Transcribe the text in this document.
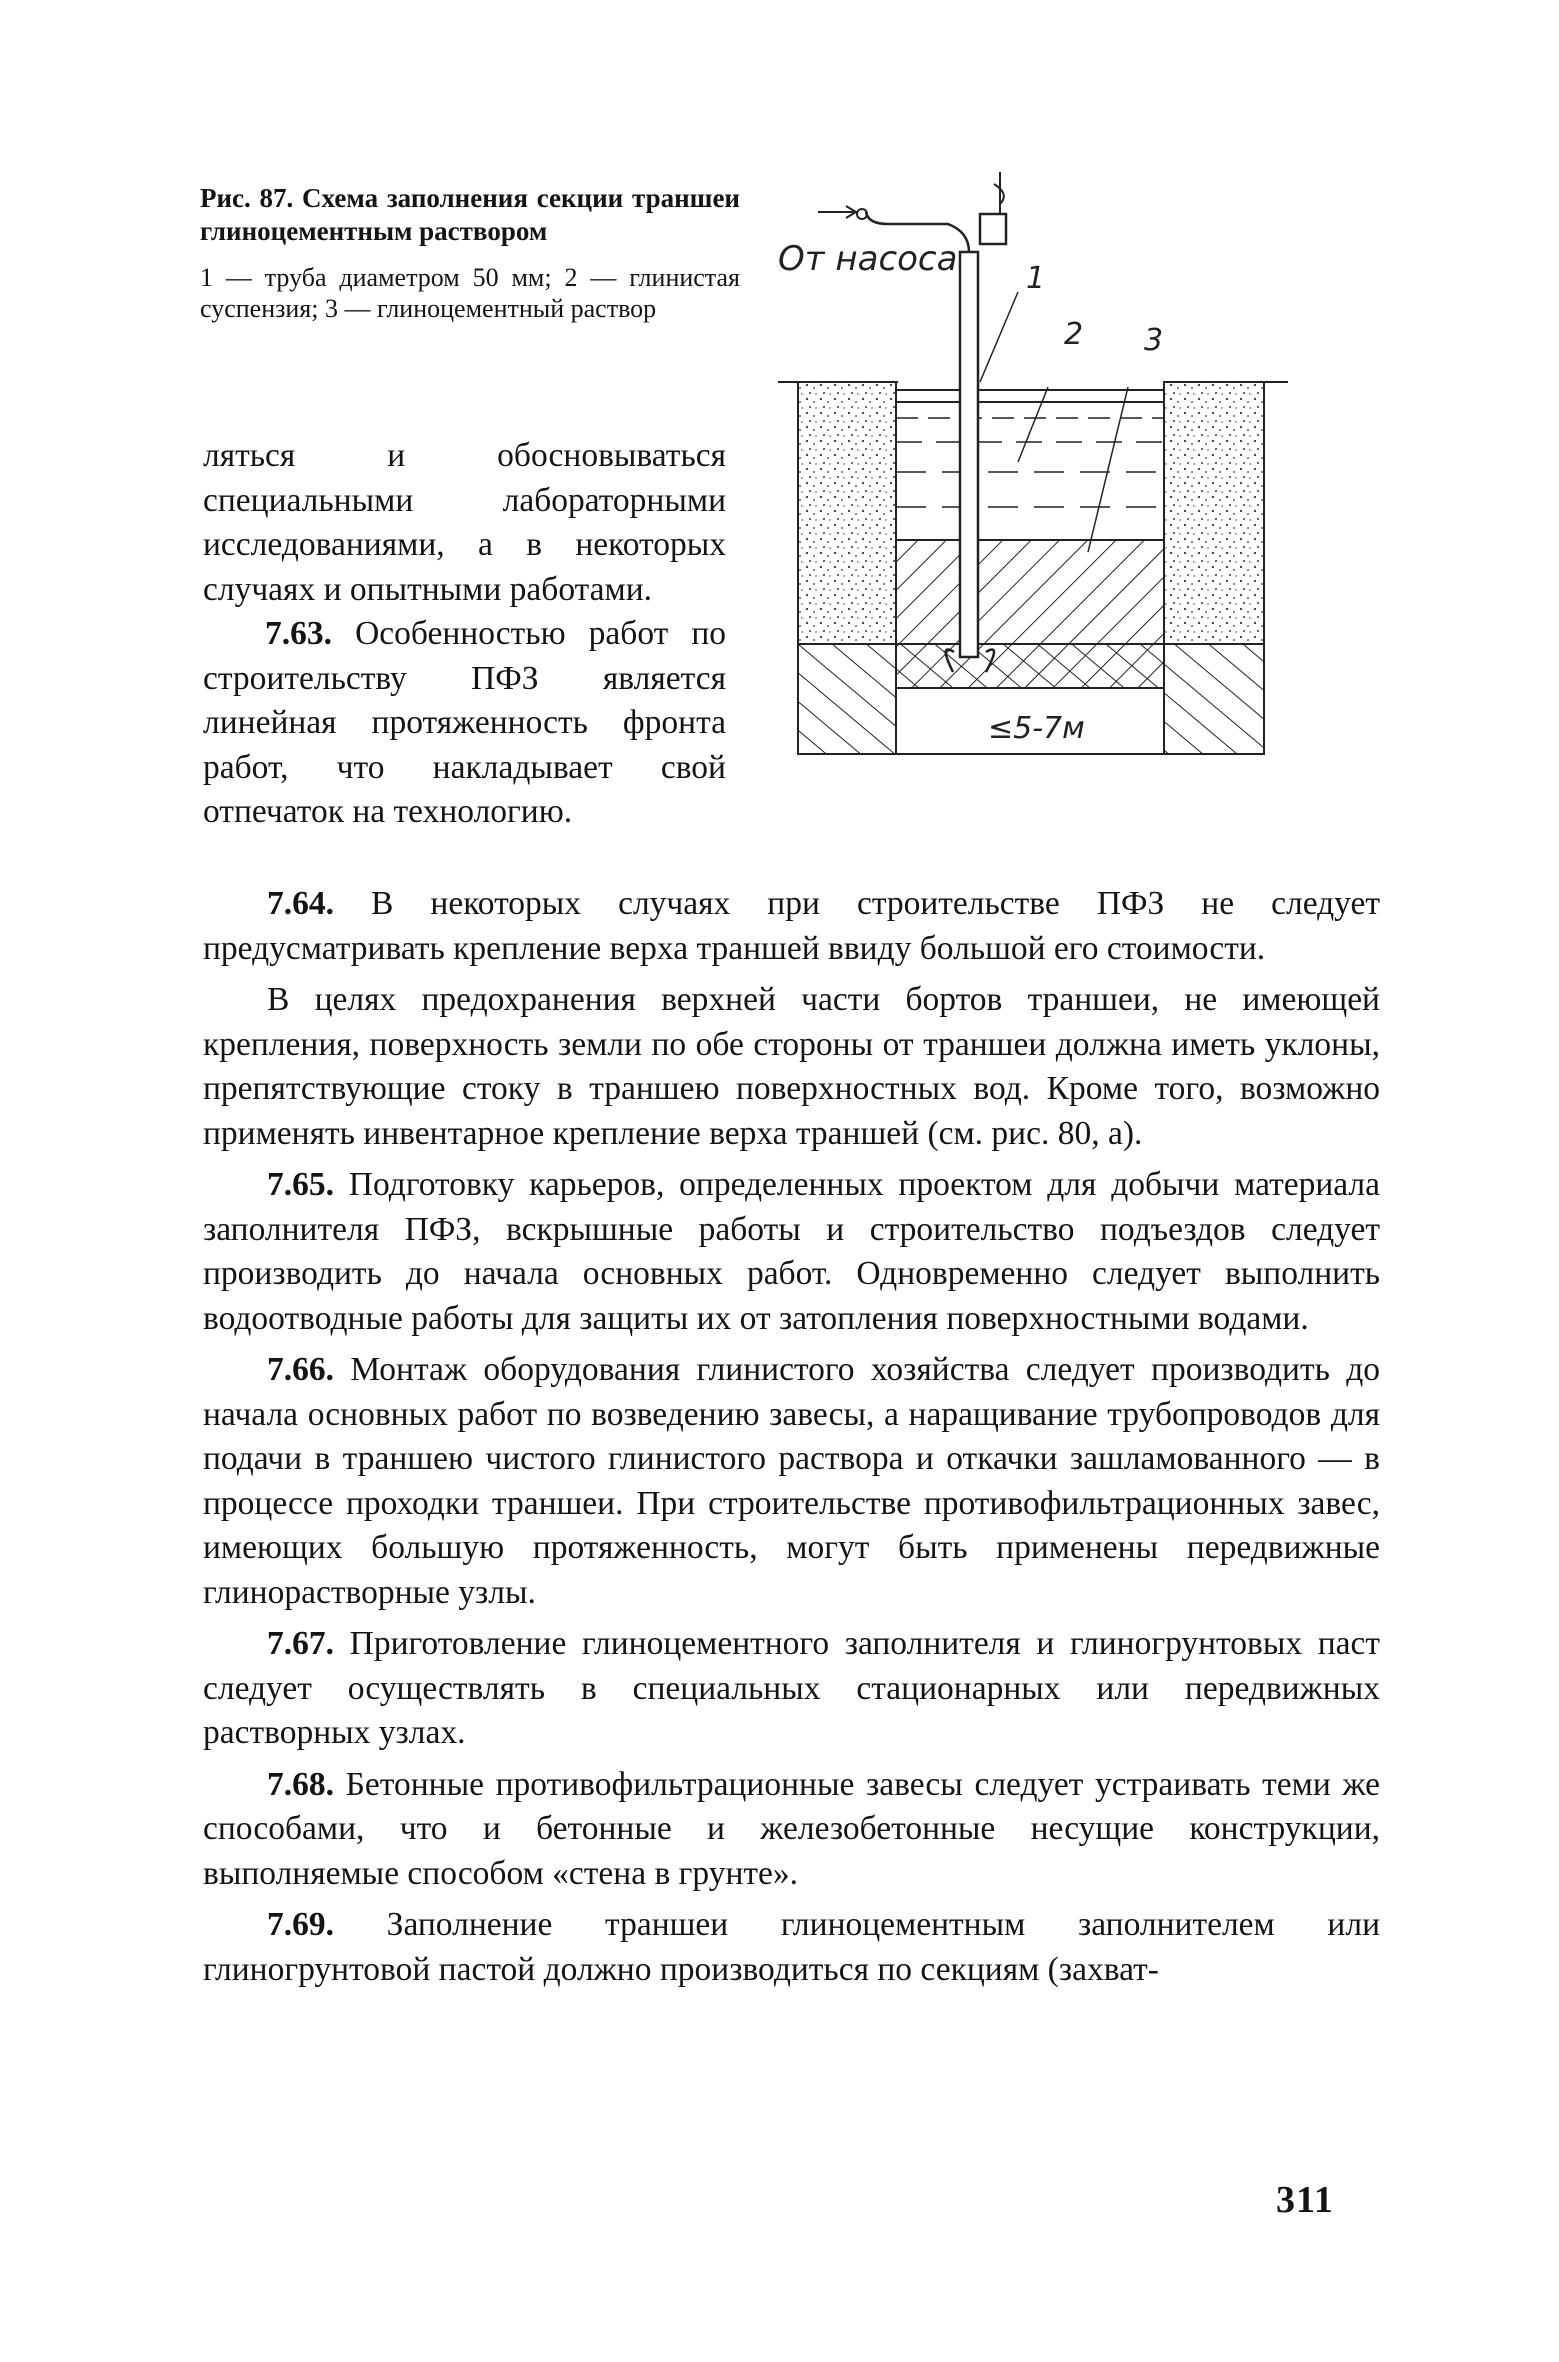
Рис. 87. Схема заполнения секции траншеи глиноцементным раствором
1 — труба диаметром 50 мм; 2 — глинистая суспензия; 3 — глиноцементный раствор
≤5-7м
От насоса 1
2 3

ляться и обосновываться специальными лабораторными исследованиями, а в некоторых случаях и опытными работами.

7.63. Особенностью работ по строительству ПФЗ является линейная протяженность фронта работ, что накладывает свой отпечаток на технологию.

7.64. В некоторых случаях при строительстве ПФЗ не следует предусматривать крепление верха траншей ввиду большой его стоимости.

В целях предохранения верхней части бортов траншеи, не имеющей крепления, поверхность земли по обе стороны от траншеи должна иметь уклоны, препятствующие стоку в траншею поверхностных вод. Кроме того, возможно применять инвентарное крепление верха траншей (см. рис. 80, а).

7.65. Подготовку карьеров, определенных проектом для добычи материала заполнителя ПФЗ, вскрышные работы и строительство подъездов следует производить до начала основных работ. Одновременно следует выполнить водоотводные работы для защиты их от затопления поверхностными водами.

7.66. Монтаж оборудования глинистого хозяйства следует производить до начала основных работ по возведению завесы, а наращивание трубопроводов для подачи в траншею чистого глинистого раствора и откачки зашламованного — в процессе проходки траншеи. При строительстве противофильтрационных завес, имеющих большую протяженность, могут быть применены передвижные глинорастворные узлы.

7.67. Приготовление глиноцементного заполнителя и глиногрунтовых паст следует осуществлять в специальных стационарных или передвижных растворных узлах.

7.68. Бетонные противофильтрационные завесы следует устраивать теми же способами, что и бетонные и железобетонные несущие конструкции, выполняемые способом «стена в грунте».

7.69. Заполнение траншеи глиноцементным заполнителем или глиногрунтовой пастой должно производиться по секциям (захват-

311
